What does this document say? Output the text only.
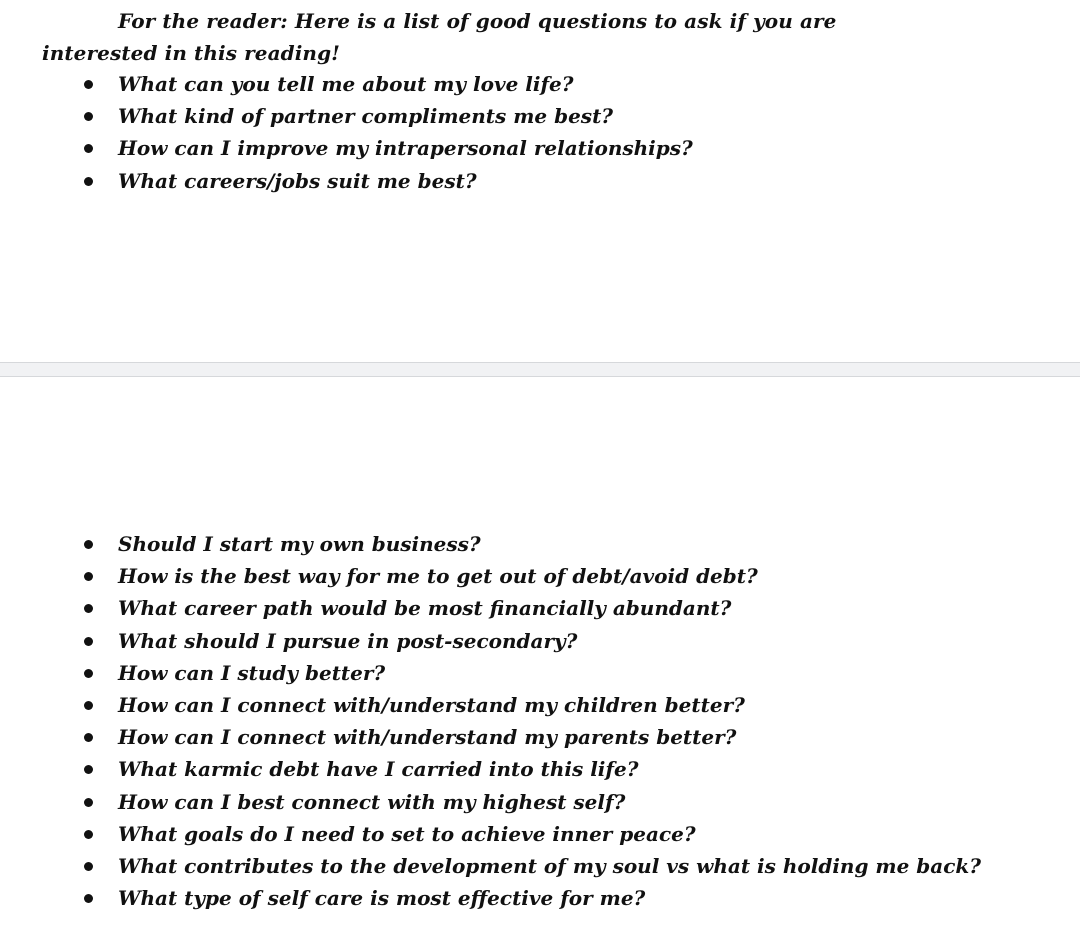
For the reader: Here is a list of good questions to ask if you are interested in this reading!

What can you tell me about my love life?
What kind of partner compliments me best?
How can I improve my intrapersonal relationships?
What careers/jobs suit me best?
Should I start my own business?
How is the best way for me to get out of debt/avoid debt?
What career path would be most financially abundant?
What should I pursue in post-secondary?
How can I study better?
How can I connect with/understand my children better?
How can I connect with/understand my parents better?
What karmic debt have I carried into this life?
How can I best connect with my highest self?
What goals do I need to set to achieve inner peace?
What contributes to the development of my soul vs what is holding me back?
What type of self care is most effective for me?
